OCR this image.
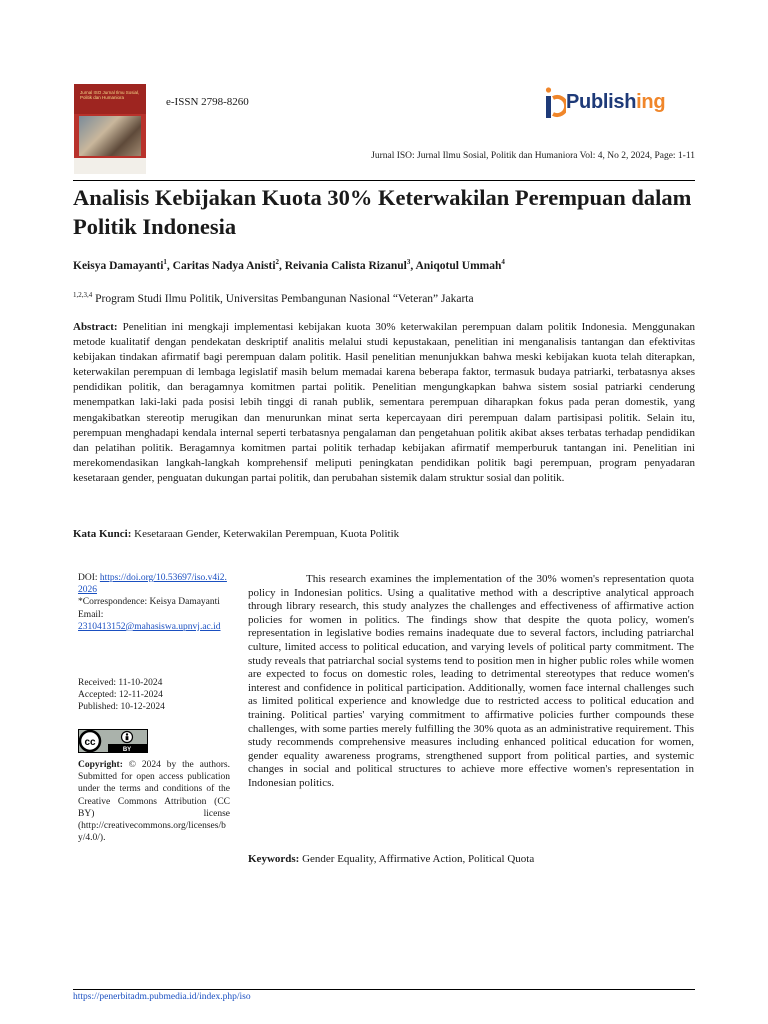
Jurnal ISO Jurnal Ilmu Sosial, Politik dan Humaniora	e-ISSN 2798-8260	Publishing
Jurnal ISO: Jurnal Ilmu Sosial, Politik dan Humaniora Vol: 4, No 2, 2024, Page: 1-11
Analisis Kebijakan Kuota 30% Keterwakilan Perempuan dalam Politik Indonesia
Keisya Damayanti$^1$, Caritas Nadya Anisti$^2$, Reivania Calista Rizanul$^3$, Aniqotul Ummah$^4$
$^{1,2,3,4}$ Program Studi Ilmu Politik, Universitas Pembangunan Nasional “Veteran” Jakarta
Abstract: Penelitian ini mengkaji implementasi kebijakan kuota 30% keterwakilan perempuan dalam politik Indonesia. Menggunakan metode kualitatif dengan pendekatan deskriptif analitis melalui studi kepustakaan, penelitian ini menganalisis tantangan dan efektivitas kebijakan tindakan afirmatif bagi perempuan dalam politik. Hasil penelitian menunjukkan bahwa meski kebijakan kuota telah diterapkan, keterwakilan perempuan di lembaga legislatif masih belum memadai karena beberapa faktor, termasuk budaya patriarki, terbatasnya akses pendidikan politik, dan beragamnya komitmen partai politik. Penelitian mengungkapkan bahwa sistem sosial patriarki cenderung menempatkan laki-laki pada posisi lebih tinggi di ranah publik, sementara perempuan diharapkan fokus pada peran domestik, yang mengakibatkan stereotip merugikan dan menurunkan minat serta kepercayaan diri perempuan dalam partisipasi politik. Selain itu, perempuan menghadapi kendala internal seperti terbatasnya pengalaman dan pengetahuan politik akibat akses terbatas terhadap pendidikan dan pelatihan politik. Beragamnya komitmen partai politik terhadap kebijakan afirmatif memperburuk tantangan ini. Penelitian ini merekomendasikan langkah-langkah komprehensif meliputi peningkatan pendidikan politik bagi perempuan, program penyadaran kesetaraan gender, penguatan dukungan partai politik, dan perubahan sistemik dalam struktur sosial dan politik.
Kata Kunci: Kesetaraan Gender, Keterwakilan Perempuan, Kuota Politik
DOI: https://doi.org/10.53697/iso.v4i2.2026
*Correspondence: Keisya Damayanti
Email:
2310413152@mahasiswa.upnvj.ac.id
Received: 11-10-2024
Accepted: 12-11-2024
Published: 10-12-2024
cc
BY
Copyright: © 2024 by the authors. Submitted for open access publication under the terms and conditions of the Creative Commons Attribution (CC BY) license (http://creativecommons.org/licenses/by/4.0/).
This research examines the implementation of the 30% women's representation quota policy in Indonesian politics. Using a qualitative method with a descriptive analytical approach through library research, this study analyzes the challenges and effectiveness of affirmative action policies for women in politics. The findings show that despite the quota policy, women's representation in legislative bodies remains inadequate due to several factors, including patriarchal culture, limited access to political education, and varying levels of political party commitment. The study reveals that patriarchal social systems tend to position men in higher public roles while women are expected to focus on domestic roles, leading to detrimental stereotypes that reduce women's interest and confidence in political participation. Additionally, women face internal challenges such as limited political experience and knowledge due to restricted access to political education and training. Political parties' varying commitment to affirmative policies further compounds these challenges, with some parties merely fulfilling the 30% quota as an administrative requirement. This study recommends comprehensive measures including enhanced political education for women, gender equality awareness programs, strengthened support from political parties, and systemic changes in social and political structures to achieve more effective women's representation in Indonesian politics.
Keywords: Gender Equality, Affirmative Action, Political Quota
https://penerbitadm.pubmedia.id/index.php/iso
